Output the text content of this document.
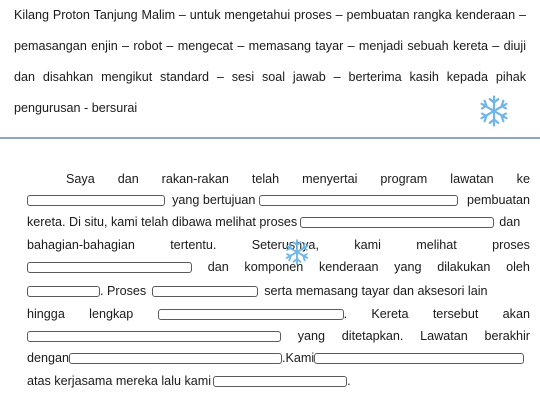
Kilang Proton Tanjung Malim – untuk mengetahui proses – pembuatan rangka kenderaan – pemasangan enjin – robot – mengecat – memasang tayar – menjadi sebuah kereta – diuji dan disahkan mengikut standard – sesi soal jawab – berterima kasih kepada pihak pengurusan - bersurai
Saya dan rakan-rakan telah menyertai program lawatan ke
yang bertujuan	pembuatan
kereta. Di situ, kami telah dibawa melihat proses	dan
bahagian-bahagian	tertentu.	Seterusnya,	kami	melihat	proses
dan komponen kenderaan yang dilakukan oleh
. Proses	serta memasang tayar dan aksesori lain
hingga lengkap	. Kereta tersebut akan
yang ditetapkan. Lawatan berakhir
dengan	.Kami
atas kerjasama mereka lalu kami	.
